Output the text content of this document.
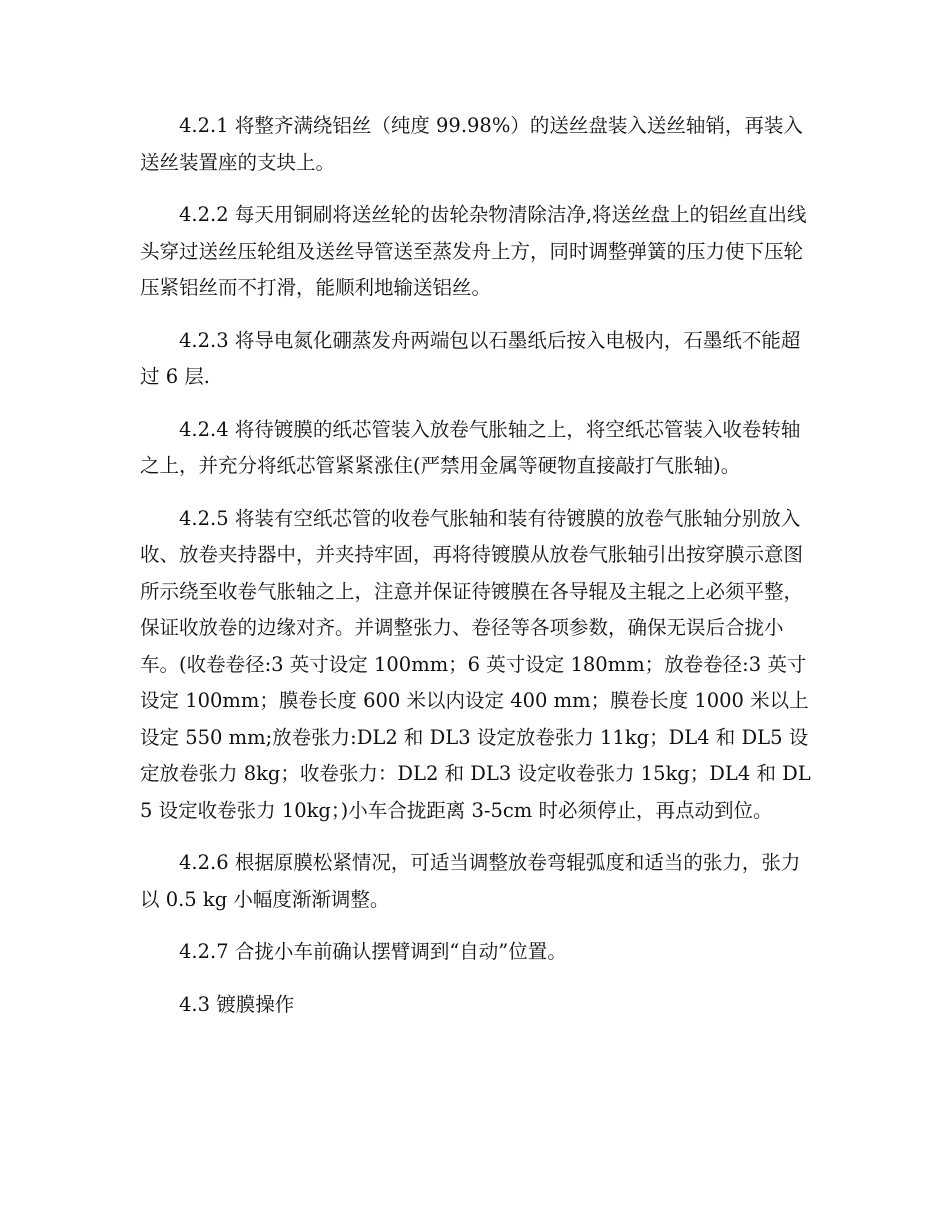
4.2.1 将整齐满绕铝丝（纯度 99.98%）的送丝盘装入送丝轴销，再装入送丝装置座的支块上。

4.2.2 每天用铜刷将送丝轮的齿轮杂物清除洁净,将送丝盘上的铝丝直出线头穿过送丝压轮组及送丝导管送至蒸发舟上方，同时调整弹簧的压力使下压轮压紧铝丝而不打滑，能顺利地输送铝丝。

4.2.3 将导电氮化硼蒸发舟两端包以石墨纸后按入电极内，石墨纸不能超过 6 层.

4.2.4 将待镀膜的纸芯管装入放卷气胀轴之上，将空纸芯管装入收卷转轴之上，并充分将纸芯管紧紧涨住(严禁用金属等硬物直接敲打气胀轴)。

4.2.5 将装有空纸芯管的收卷气胀轴和装有待镀膜的放卷气胀轴分别放入收、放卷夹持器中，并夹持牢固，再将待镀膜从放卷气胀轴引出按穿膜示意图所示绕至收卷气胀轴之上，注意并保证待镀膜在各导辊及主辊之上必须平整，保证收放卷的边缘对齐。并调整张力、卷径等各项参数，确保无误后合拢小车。(收卷卷径:3 英寸设定 100mm；6 英寸设定 180mm；放卷卷径:3 英寸设定 100mm；膜卷长度 600 米以内设定 400 mm；膜卷长度 1000 米以上设定 550 mm;放卷张力:DL2 和 DL3 设定放卷张力 11kg；DL4 和 DL5 设定放卷张力 8kg；收卷张力：DL2 和 DL3 设定收卷张力 15kg；DL4 和 DL5 设定收卷张力 10kg；)小车合拢距离 3-5cm 时必须停止，再点动到位。

4.2.6 根据原膜松紧情况，可适当调整放卷弯辊弧度和适当的张力，张力以 0.5 kg 小幅度渐渐调整。

4.2.7 合拢小车前确认摆臂调到“自动”位置。

4.3 镀膜操作
